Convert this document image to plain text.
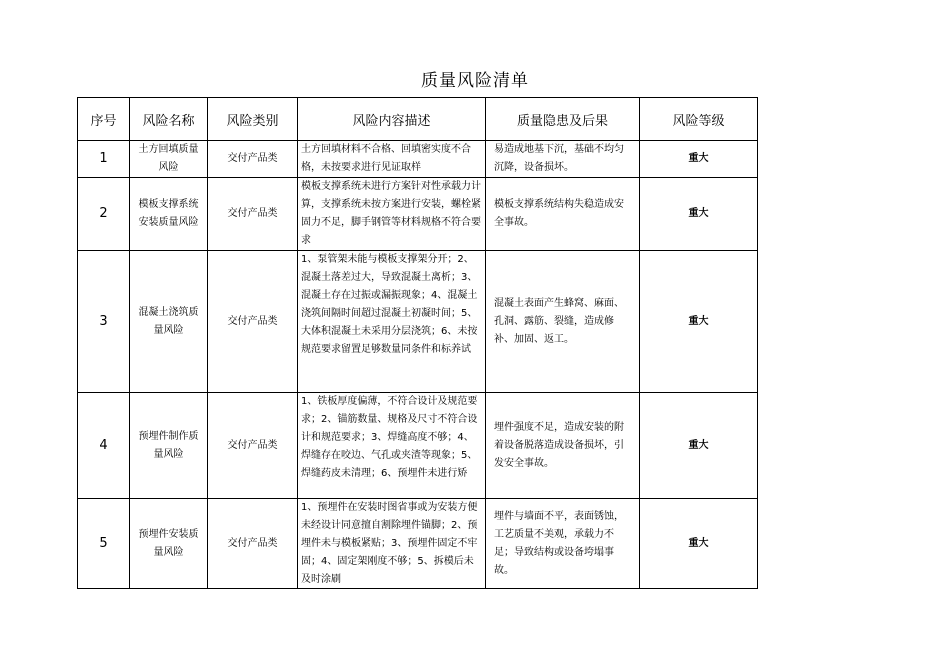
质量风险清单
序号	风险名称	风险类别	风险内容描述	质量隐患及后果	风险等级
1	土方回填质量风险	交付产品类	土方回填材料不合格、回填密实度不合格，未按要求进行见证取样	易造成地基下沉，基础不均匀沉降，设备损坏。	重大
2	模板支撑系统安装质量风险	交付产品类	模板支撑系统未进行方案针对性承载力计算，支撑系统未按方案进行安装，螺栓紧固力不足，脚手钢管等材料规格不符合要求	模板支撑系统结构失稳造成安全事故。	重大
3	混凝土浇筑质量风险	交付产品类	1、泵管架未能与模板支撑架分开；2、混凝土落差过大，导致混凝土离析；3、混凝土存在过振或漏振现象；4、混凝土浇筑间隔时间超过混凝土初凝时间；5、大体积混凝土未采用分层浇筑；6、未按规范要求留置足够数量同条件和标养试	混凝土表面产生蜂窝、麻面、孔洞、露筋、裂缝，造成修补、加固、返工。	重大
4	预埋件制作质量风险	交付产品类	1、铁板厚度偏薄，不符合设计及规范要求；2、锚筋数量、规格及尺寸不符合设计和规范要求；3、焊缝高度不够；4、焊缝存在咬边、气孔或夹渣等现象；5、焊缝药皮未清理；6、预埋件未进行矫	埋件强度不足，造成安装的附着设备脱落造成设备损坏，引发安全事故。	重大
5	预埋件安装质量风险	交付产品类	1、预埋件在安装时图省事或为安装方便未经设计同意擅自割除埋件锚脚；2、预埋件未与模板紧贴；3、预埋件固定不牢固；4、固定架刚度不够；5、拆模后未及时涂刷	埋件与墙面不平，表面锈蚀，工艺质量不美观，承载力不足；导致结构或设备垮塌事故。	重大
